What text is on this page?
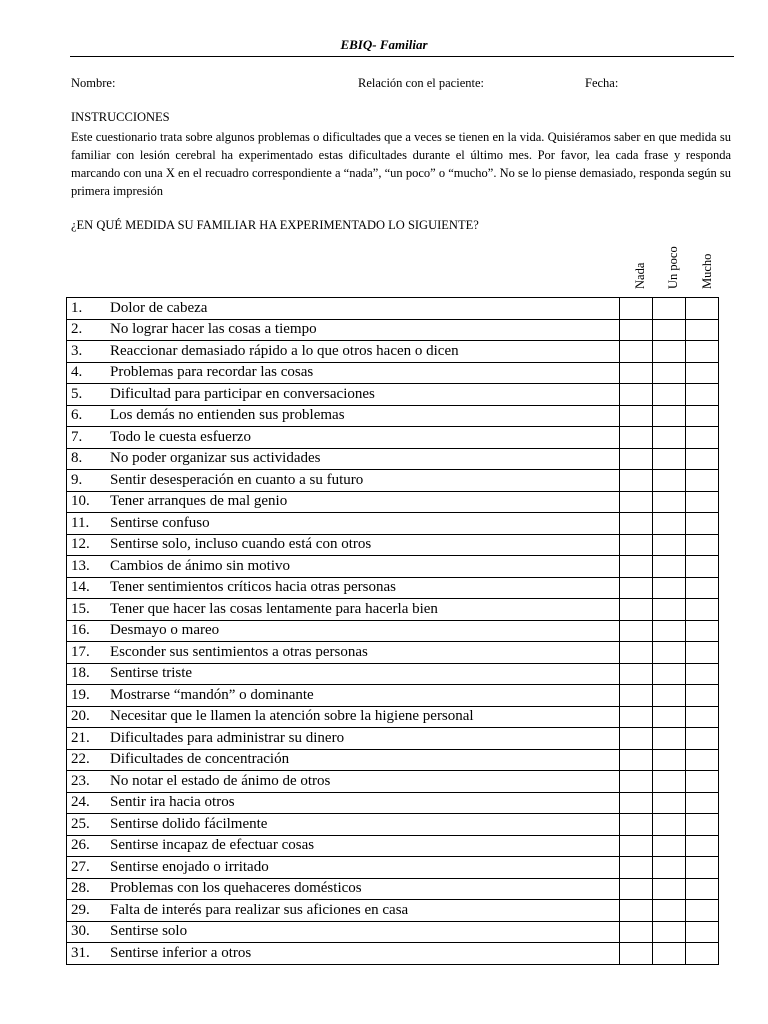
EBIQ- Familiar
Nombre:	Relación con el paciente:	Fecha:
INSTRUCCIONES
Este cuestionario trata sobre algunos problemas o dificultades que a veces se tienen en la vida. Quisiéramos saber en que medida su familiar con lesión cerebral ha experimentado estas dificultades durante el último mes. Por favor, lea cada frase y responda marcando con una X en el recuadro correspondiente a “nada”, “un poco” o “mucho”. No se lo piense demasiado, responda según su primera impresión
¿EN QUÉ MEDIDA SU FAMILIAR HA EXPERIMENTADO LO SIGUIENTE?
Nada Un poco Mucho
1.	Dolor de cabeza			
2.	No lograr hacer las cosas a tiempo			
3.	Reaccionar demasiado rápido a lo que otros hacen o dicen			
4.	Problemas para recordar las cosas			
5.	Dificultad para participar en conversaciones			
6.	Los demás no entienden sus problemas			
7.	Todo le cuesta esfuerzo			
8.	No poder organizar sus actividades			
9.	Sentir desesperación en cuanto a su futuro			
10.	Tener arranques de mal genio			
11.	Sentirse confuso			
12.	Sentirse solo, incluso cuando está con otros			
13.	Cambios de ánimo sin motivo			
14.	Tener sentimientos críticos hacia otras personas			
15.	Tener que hacer las cosas lentamente para hacerla bien			
16.	Desmayo o mareo			
17.	Esconder sus sentimientos a otras personas			
18.	Sentirse triste			
19.	Mostrarse “mandón” o dominante			
20.	Necesitar que le llamen la atención sobre la higiene personal			
21.	Dificultades para administrar su dinero			
22.	Dificultades de concentración			
23.	No notar el estado de ánimo de otros			
24.	Sentir ira hacia otros			
25.	Sentirse dolido fácilmente			
26.	Sentirse incapaz de efectuar cosas			
27.	Sentirse enojado o irritado			
28.	Problemas con los quehaceres domésticos			
29.	Falta de interés para realizar sus aficiones en casa			
30.	Sentirse solo			
31.	Sentirse inferior a otros			
